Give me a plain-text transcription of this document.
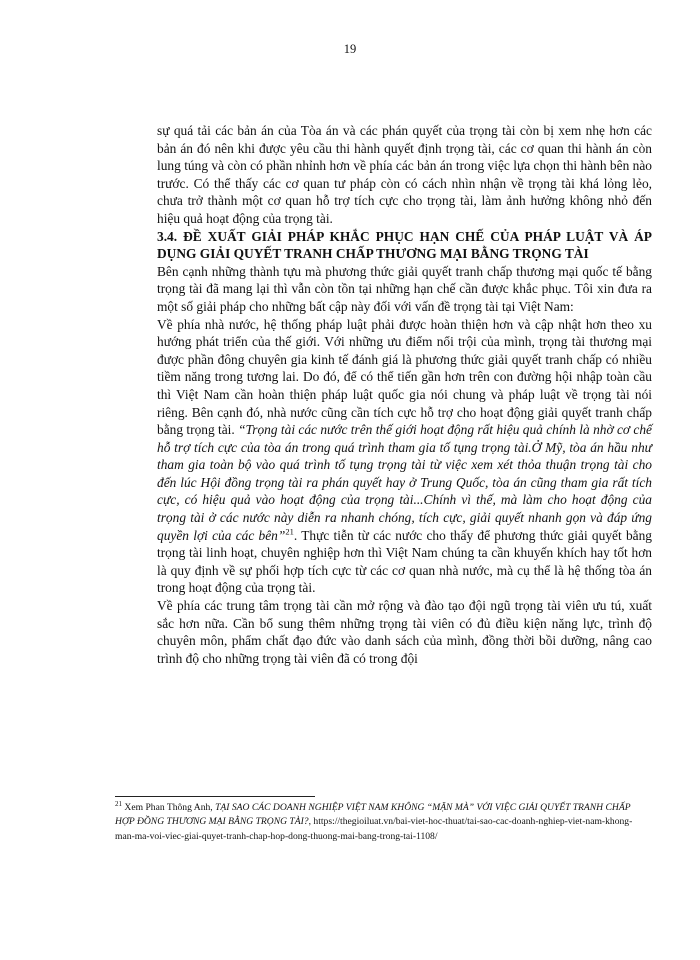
19

sự quá tải các bản án của Tòa án và các phán quyết của trọng tài còn bị xem nhẹ hơn các bản án đó nên khi được yêu cầu thi hành quyết định trọng tài, các cơ quan thi hành án còn lung túng và còn có phần nhỉnh hơn về phía các bản án trong việc lựa chọn thi hành bên nào trước. Có thể thấy các cơ quan tư pháp còn có cách nhìn nhận về trọng tài khá lỏng lẻo, chưa trở thành một cơ quan hỗ trợ tích cực cho trọng tài, làm ảnh hưởng không nhỏ đến hiệu quả hoạt động của trọng tài.

3.4. ĐỀ XUẤT GIẢI PHÁP KHẮC PHỤC HẠN CHẾ CỦA PHÁP LUẬT VÀ ÁP DỤNG GIẢI QUYẾT TRANH CHẤP THƯƠNG MẠI BẰNG TRỌNG TÀI

Bên cạnh những thành tựu mà phương thức giải quyết tranh chấp thương mại quốc tế bằng trọng tài đã mang lại thì vẫn còn tồn tại những hạn chế cần được khắc phục. Tôi xin đưa ra một số giải pháp cho những bất cập này đối với vấn đề trọng tài tại Việt Nam:

Về phía nhà nước, hệ thống pháp luật phải được hoàn thiện hơn và cập nhật hơn theo xu hướng phát triển của thế giới. Với những ưu điểm nổi trội của mình, trọng tài thương mại được phần đông chuyên gia kinh tế đánh giá là phương thức giải quyết tranh chấp có nhiều tiềm năng trong tương lai. Do đó, để có thể tiến gần hơn trên con đường hội nhập toàn cầu thì Việt Nam cần hoàn thiện pháp luật quốc gia nói chung và pháp luật về trọng tài nói riêng. Bên cạnh đó, nhà nước cũng cần tích cực hỗ trợ cho hoạt động giải quyết tranh chấp bằng trọng tài. “Trọng tài các nước trên thế giới hoạt động rất hiệu quả chính là nhờ cơ chế hỗ trợ tích cực của tòa án trong quá trình tham gia tố tụng trọng tài.Ở Mỹ, tòa án hầu như tham gia toàn bộ vào quá trình tố tụng trọng tài từ việc xem xét thỏa thuận trọng tài cho đến lúc Hội đồng trọng tài ra phán quyết hay ở Trung Quốc, tòa án cũng tham gia rất tích cực, có hiệu quả vào hoạt động của trọng tài...Chính vì thế, mà làm cho hoạt động của trọng tài ở các nước này diễn ra nhanh chóng, tích cực, giải quyết nhanh gọn và đáp ứng quyền lợi của các bên”$^{21}$. Thực tiễn từ các nước cho thấy để phương thức giải quyết bằng trọng tài linh hoạt, chuyên nghiệp hơn thì Việt Nam chúng ta cần khuyến khích hay tốt hơn là quy định về sự phối hợp tích cực từ các cơ quan nhà nước, mà cụ thể là hệ thống tòa án trong hoạt động của trọng tài.

Về phía các trung tâm trọng tài cần mở rộng và đào tạo đội ngũ trọng tài viên ưu tú, xuất sắc hơn nữa. Cần bổ sung thêm những trọng tài viên có đủ điều kiện năng lực, trình độ chuyên môn, phẩm chất đạo đức vào danh sách của mình, đồng thời bồi dưỡng, nâng cao trình độ cho những trọng tài viên đã có trong đội

$^{21}$ Xem Phan Thông Anh, TẠI SAO CÁC DOANH NGHIỆP VIỆT NAM KHÔNG “MẶN MÀ” VỚI VIỆC GIẢI QUYẾT TRANH CHẤP HỢP ĐỒNG THƯƠNG MẠI BẰNG TRỌNG TÀI?, https://thegioiluat.vn/bai-viet-hoc-thuat/tai-sao-cac-doanh-nghiep-viet-nam-khong-man-ma-voi-viec-giai-quyet-tranh-chap-hop-dong-thuong-mai-bang-trong-tai-1108/
